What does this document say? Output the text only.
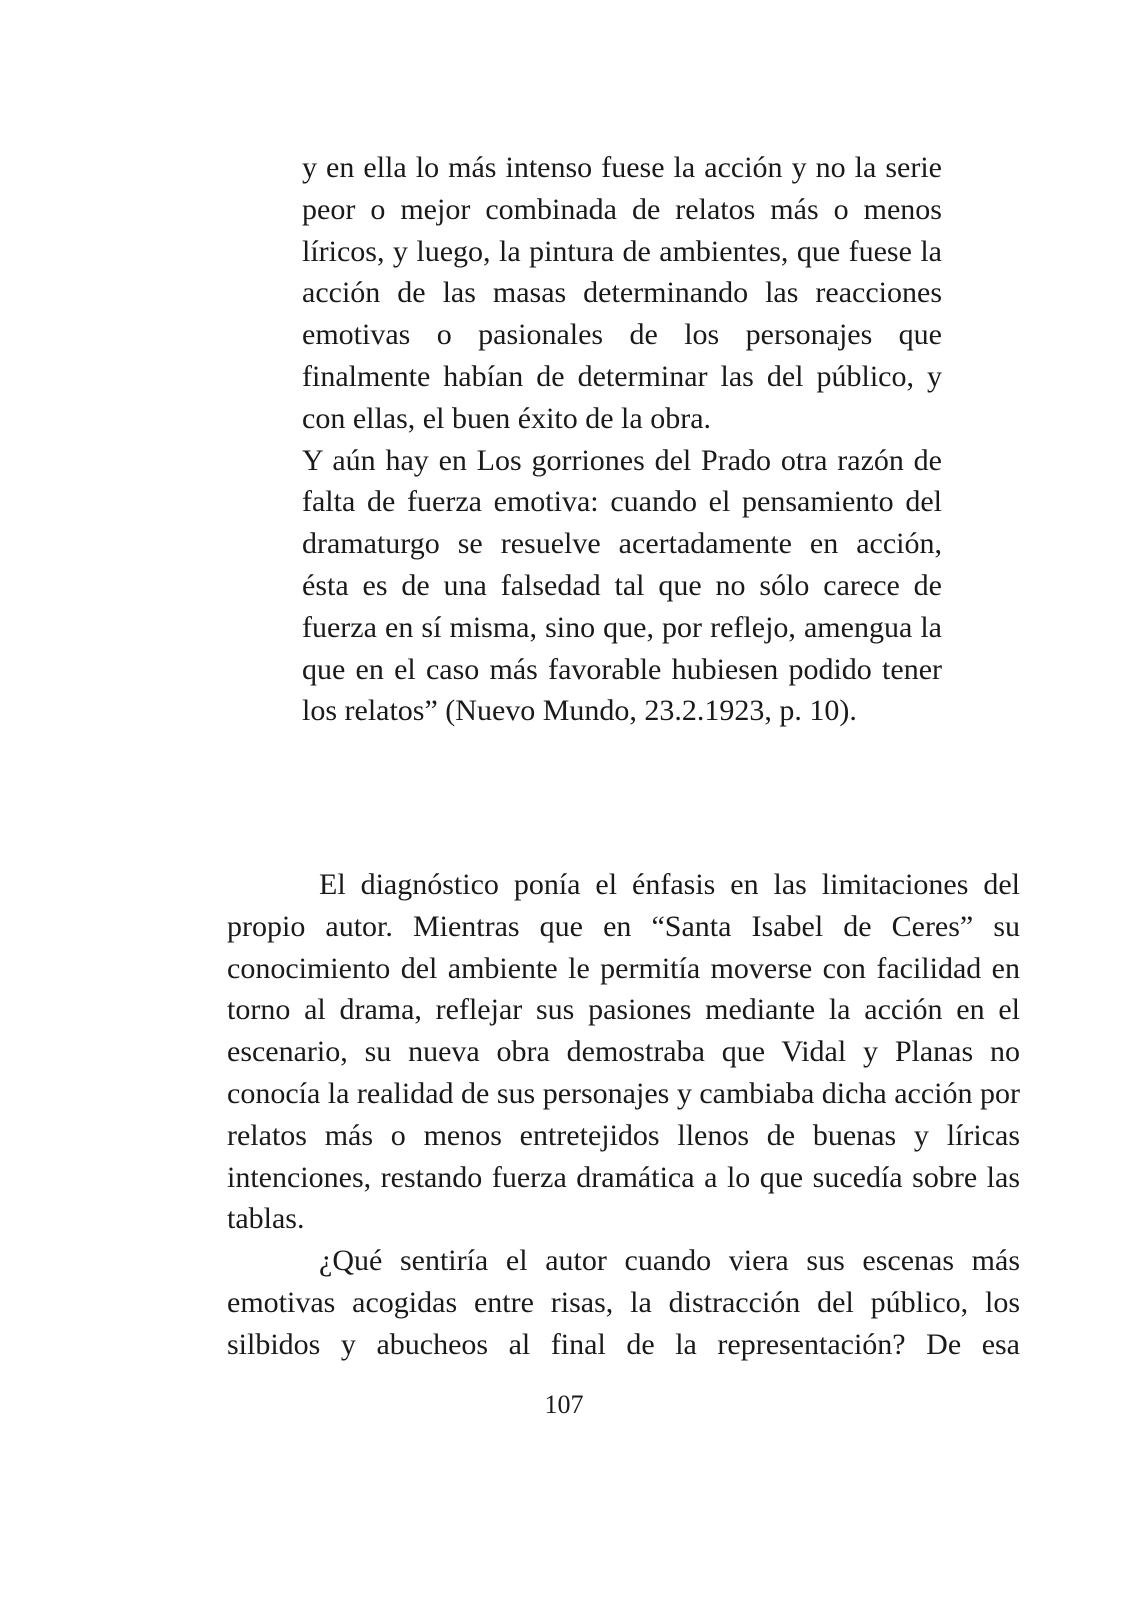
y en ella lo más intenso fuese la acción y no la serie peor o mejor combinada de relatos más o menos líricos, y luego, la pintura de ambientes, que fuese la acción de las masas determinando las reacciones emotivas o pasionales de los personajes que finalmente habían de determinar las del público, y con ellas, el buen éxito de la obra.

Y aún hay en Los gorriones del Prado otra razón de falta de fuerza emotiva: cuando el pensamiento del dramaturgo se resuelve acertadamente en acción, ésta es de una falsedad tal que no sólo carece de fuerza en sí misma, sino que, por reflejo, amengua la que en el caso más favorable hubiesen podido tener los relatos” (Nuevo Mundo, 23.2.1923, p. 10).

El diagnóstico ponía el énfasis en las limitaciones del propio autor. Mientras que en “Santa Isabel de Ceres” su conocimiento del ambiente le permitía moverse con facilidad en torno al drama, reflejar sus pasiones mediante la acción en el escenario, su nueva obra demostraba que Vidal y Planas no conocía la realidad de sus personajes y cambiaba dicha acción por relatos más o menos entretejidos llenos de buenas y líricas intenciones, restando fuerza dramática a lo que sucedía sobre las tablas.

¿Qué sentiría el autor cuando viera sus escenas más emotivas acogidas entre risas, la distracción del público, los silbidos y abucheos al final de la representación? De esa

107
